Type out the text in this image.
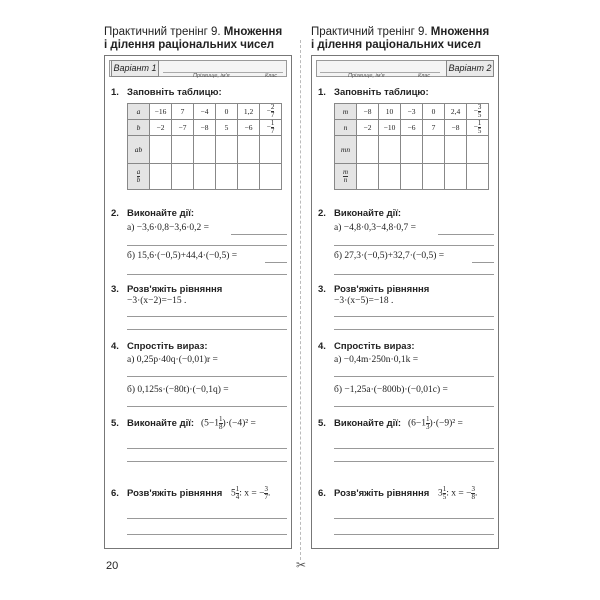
Практичний тренінг 9. Множення
і ділення раціональних чисел
Практичний тренінг 9. Множення
і ділення раціональних чисел
Варіант 1
Прізвище, ім'я	Клас
1. Заповніть таблицю:
a	−16	7	−4	0	1,2	− $\frac{2}{7}$

b	−2	−7	−8	5	−6	− $\frac{1}{7}$

ab						

$\frac{a}{b}$

2. Виконайте дії:
а) −3,6·0,8−3,6·0,2 =
б) 15,6·(−0,5)+44,4·(−0,5) =
3. Розв'яжіть рівняння
−3·(x−2)=−15 .
4. Спростіть вираз:
а) 0,25p·40q·(−0,01)r =
б) 0,125s·(−80t)·(−0,1q) =
5. Виконайте дії: $(5-1 \frac{1}{8} )\cdot(-4)^2$ =
6. Розв'яжіть рівняння $5 \frac{1}{4}$ : x = − $\frac{3}{7}$ .
Прізвище, ім'я	Клас
Варіант 2
1. Заповніть таблицю:
m	−8	10	−3	0	2,4	− $\frac{3}{5}$

n	−2	−10	−6	7	−8	− $\frac{1}{5}$

mn						

$\frac{m}{n}$

2. Виконайте дії:
а) −4,8·0,3−4,8·0,7 =
б) 27,3·(−0,5)+32,7·(−0,5) =
3. Розв'яжіть рівняння
−3·(x−5)=−18 .
4. Спростіть вираз:
а) −0,4m·250n·0,1k =
б) −1,25a·(−800b)·(−0,01c) =
5. Виконайте дії: $(6-1 \frac{1}{3} )\cdot(-9)^2$ =
6. Розв'яжіть рівняння $3 \frac{1}{5}$ : x = − $\frac{3}{8}$ .
20	✂
